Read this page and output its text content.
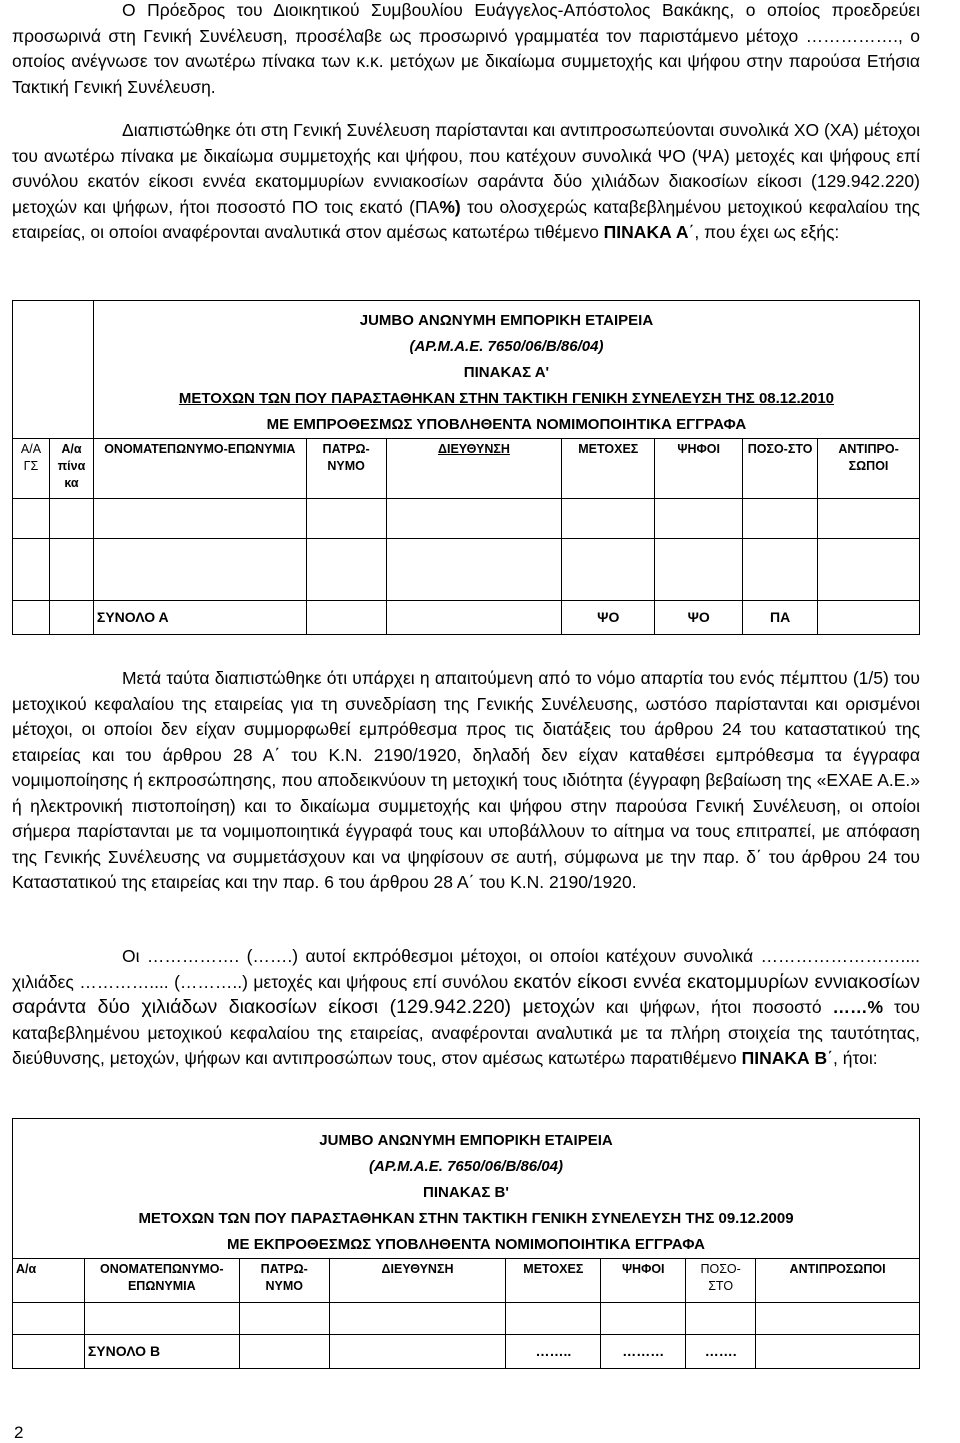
Ο Πρόεδρος του Διοικητικού Συμβουλίου Ευάγγελος-Απόστολος Βακάκης, ο οποίος προεδρεύει προσωρινά στη Γενική Συνέλευση, προσέλαβε ως προσωρινό γραμματέα τον παριστάμενο μέτοχο ……………., ο οποίος ανέγνωσε τον ανωτέρω πίνακα των κ.κ. μετόχων με δικαίωμα συμμετοχής και ψήφου στην παρούσα Ετήσια Τακτική Γενική Συνέλευση.

Διαπιστώθηκε ότι στη Γενική Συνέλευση παρίστανται και αντιπροσωπεύονται συνολικά ΧΟ (ΧΑ) μέτοχοι του ανωτέρω πίνακα με δικαίωμα συμμετοχής και ψήφου, που κατέχουν συνολικά ΨΟ (ΨΑ) μετοχές και ψήφους επί συνόλου εκατόν είκοσι εννέα εκατομμυρίων εννιακοσίων σαράντα δύο χιλιάδων διακοσίων είκοσι (129.942.220) μετοχών και ψήφων, ήτοι ποσοστό ΠΟ τοις εκατό (ΠΑ%) του ολοσχερώς καταβεβλημένου μετοχικού κεφαλαίου της εταιρείας, οι οποίοι αναφέρονται αναλυτικά στον αμέσως κατωτέρω τιθέμενο ΠΙΝΑΚΑ Α΄, που έχει ως εξής:

		JUMBO ΑΝΩΝΥΜΗ ΕΜΠΟΡΙΚΗ ΕΤΑΙΡΕΙΑ
(ΑΡ.Μ.Α.Ε. 7650/06/Β/86/04)
ΠΙΝΑΚΑΣ Α'
ΜΕΤΟΧΩΝ ΤΩΝ ΠΟΥ ΠΑΡΑΣΤΑΘΗΚΑΝ ΣΤΗΝ ΤΑΚΤΙΚΗ ΓΕΝΙΚΗ ΣΥΝΕΛΕΥΣΗ ΤΗΣ 08.12.2010
ΜΕ ΕΜΠΡΟΘΕΣΜΩΣ ΥΠΟΒΛΗΘΕΝΤΑ ΝΟΜΙΜΟΠΟΙΗΤΙΚΑ ΕΓΓΡΑΦΑ						

Α/Α ΓΣ	Α/α πίνα κα	ΟΝΟΜΑΤΕΠΩΝΥΜΟ-ΕΠΩΝΥΜΙΑ	ΠΑΤΡΩ-ΝΥΜΟ	ΔΙΕΥΘΥΝΣΗ	ΜΕΤΟΧΕΣ	ΨΗΦΟΙ	ΠΟΣΟ-ΣΤΟ	ΑΝΤΙΠΡΟ-ΣΩΠΟΙ

		ΣΥΝΟΛΟ Α			ΨΟ	ΨΟ	ΠΑ	

Μετά ταύτα διαπιστώθηκε ότι υπάρχει η απαιτούμενη από το νόμο απαρτία του ενός πέμπτου (1/5) του μετοχικού κεφαλαίου της εταιρείας για τη συνεδρίαση της Γενικής Συνέλευσης, ωστόσο παρίστανται και ορισμένοι μέτοχοι, οι οποίοι δεν είχαν συμμορφωθεί εμπρόθεσμα προς τις διατάξεις του άρθρου 24 του καταστατικού της εταιρείας και του άρθρου 28 Α΄ του Κ.Ν. 2190/1920, δηλαδή δεν είχαν καταθέσει εμπρόθεσμα τα έγγραφα νομιμοποίησης ή εκπροσώπησης, που αποδεικνύουν τη μετοχική τους ιδιότητα (έγγραφη βεβαίωση της «ΕΧΑΕ Α.Ε.» ή ηλεκτρονική πιστοποίηση) και το δικαίωμα συμμετοχής και ψήφου στην παρούσα Γενική Συνέλευση, οι οποίοι σήμερα παρίστανται με τα νομιμοποιητικά έγγραφά τους και υποβάλλουν το αίτημα να τους επιτραπεί, με απόφαση της Γενικής Συνέλευσης να συμμετάσχουν και να ψηφίσουν σε αυτή, σύμφωνα με την παρ. δ΄ του άρθρου 24 του Καταστατικού της εταιρείας και την παρ. 6 του άρθρου 28 Α΄ του Κ.Ν. 2190/1920.

Οι ……………. (…….) αυτοί εκπρόθεσμοι μέτοχοι, οι οποίοι κατέχουν συνολικά …………………….... χιλιάδες ………….... (………..) μετοχές και ψήφους επί συνόλου εκατόν είκοσι εννέα εκατομμυρίων εννιακοσίων σαράντα δύο χιλιάδων διακοσίων είκοσι (129.942.220) μετοχών και ψήφων, ήτοι ποσοστό ……% του καταβεβλημένου μετοχικού κεφαλαίου της εταιρείας, αναφέρονται αναλυτικά με τα πλήρη στοιχεία της ταυτότητας, διεύθυνσης, μετοχών, ψήφων και αντιπροσώπων τους, στον αμέσως κατωτέρω παρατιθέμενο ΠΙΝΑΚΑ Β΄, ήτοι:

JUMBO ΑΝΩΝΥΜΗ ΕΜΠΟΡΙΚΗ ΕΤΑΙΡΕΙΑ
(ΑΡ.Μ.Α.Ε. 7650/06/Β/86/04)
ΠΙΝΑΚΑΣ Β'
ΜΕΤΟΧΩΝ ΤΩΝ ΠΟΥ ΠΑΡΑΣΤΑΘΗΚΑΝ ΣΤΗΝ ΤΑΚΤΙΚΗ ΓΕΝΙΚΗ ΣΥΝΕΛΕΥΣΗ ΤΗΣ 09.12.2009
ΜΕ ΕΚΠΡΟΘΕΣΜΩΣ ΥΠΟΒΛΗΘΕΝΤΑ ΝΟΜΙΜΟΠΟΙΗΤΙΚΑ ΕΓΓΡΑΦΑ							

Α/α	ΟΝΟΜΑΤΕΠΩΝΥΜΟ-ΕΠΩΝΥΜΙΑ	ΠΑΤΡΩ-ΝΥΜΟ	ΔΙΕΥΘΥΝΣΗ	ΜΕΤΟΧΕΣ	ΨΗΦΟΙ	ΠΟΣΟ-ΣΤΟ	ΑΝΤΙΠΡΟΣΩΠΟΙ

	ΣΥΝΟΛΟ Β			……..	………	…….	
2
